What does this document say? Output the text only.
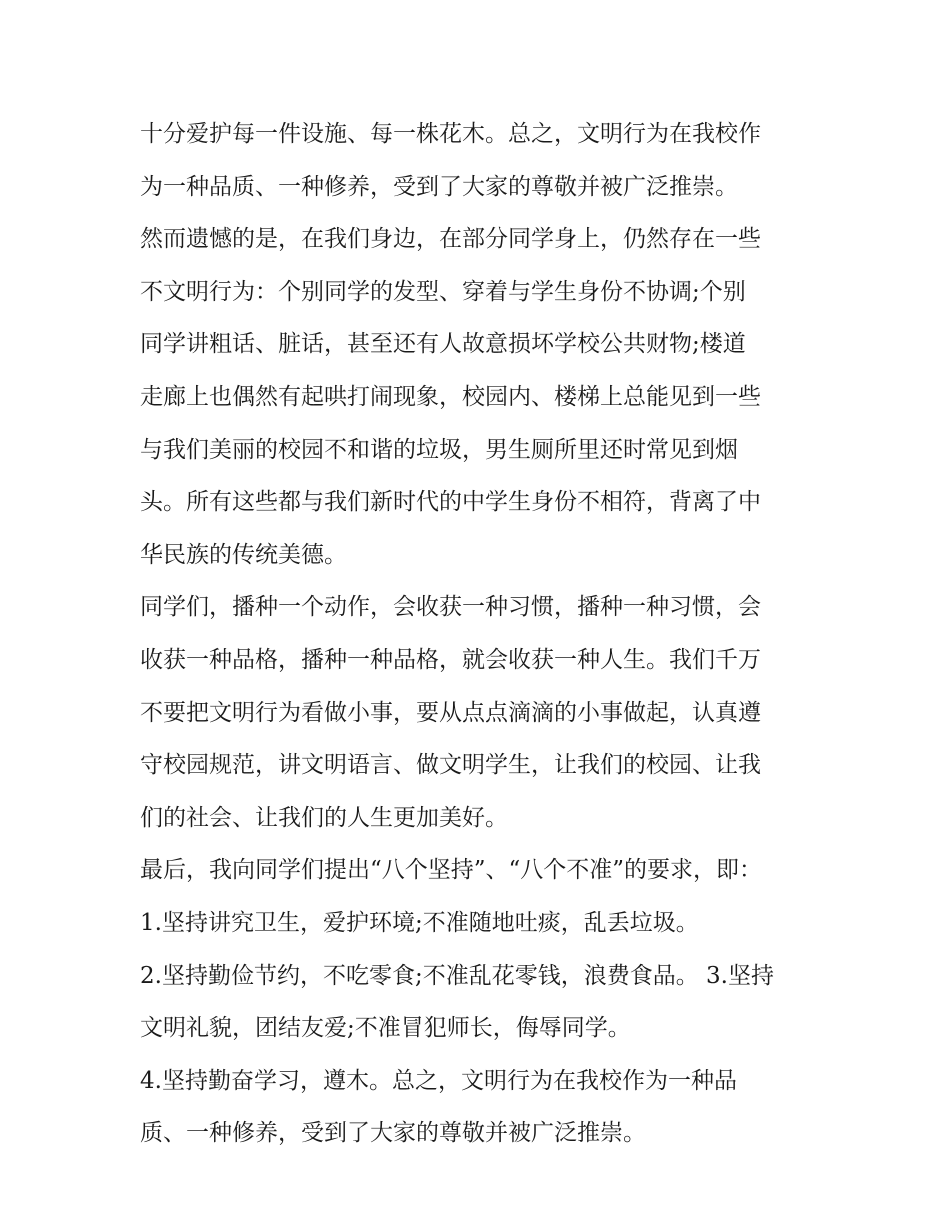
十分爱护每一件设施、每一株花木。总之，文明行为在我校作
为一种品质、一种修养，受到了大家的尊敬并被广泛推崇。
然而遗憾的是，在我们身边，在部分同学身上，仍然存在一些
不文明行为：个别同学的发型、穿着与学生身份不协调;个别
同学讲粗话、脏话，甚至还有人故意损坏学校公共财物;楼道
走廊上也偶然有起哄打闹现象，校园内、楼梯上总能见到一些
与我们美丽的校园不和谐的垃圾，男生厕所里还时常见到烟
头。所有这些都与我们新时代的中学生身份不相符，背离了中
华民族的传统美德。
同学们，播种一个动作，会收获一种习惯，播种一种习惯，会
收获一种品格，播种一种品格，就会收获一种人生。我们千万
不要把文明行为看做小事，要从点点滴滴的小事做起，认真遵
守校园规范，讲文明语言、做文明学生，让我们的校园、让我
们的社会、让我们的人生更加美好。
最后，我向同学们提出“八个坚持”、“八个不准”的要求，即：
1.坚持讲究卫生，爱护环境;不准随地吐痰，乱丢垃圾。
2.坚持勤俭节约，不吃零食;不准乱花零钱，浪费食品。 3.坚持
文明礼貌，团结友爱;不准冒犯师长，侮辱同学。
4.坚持勤奋学习，遵木。总之，文明行为在我校作为一种品
质、一种修养，受到了大家的尊敬并被广泛推崇。
